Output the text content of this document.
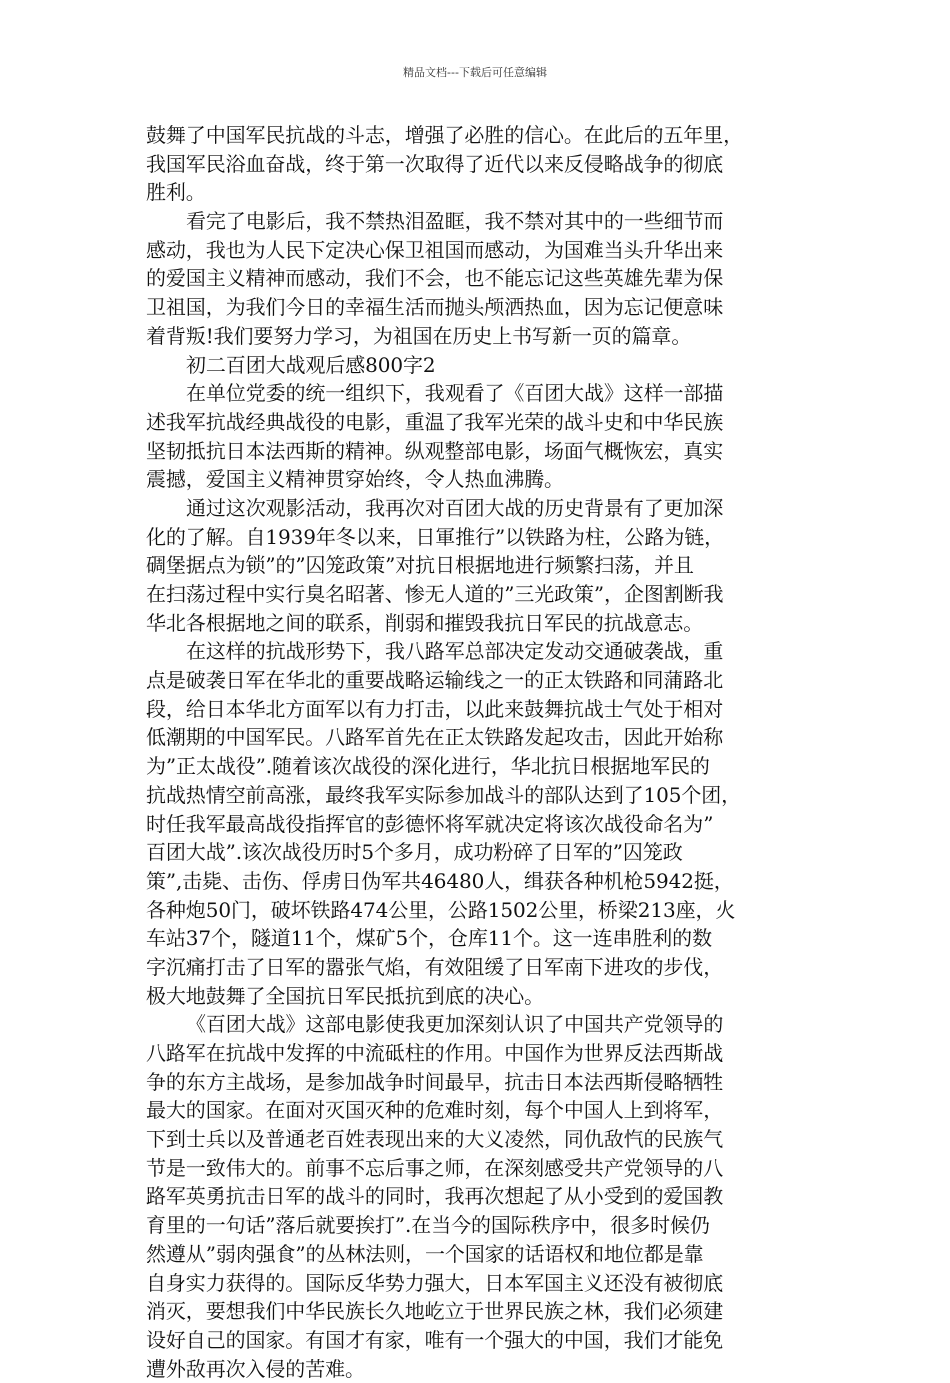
精品文档---下载后可任意编辑
鼓舞了中国军民抗战的斗志，增强了必胜的信心。在此后的五年里，
我国军民浴血奋战，终于第一次取得了近代以来反侵略战争的彻底
胜利。
看完了电影后，我不禁热泪盈眶，我不禁对其中的一些细节而
感动，我也为人民下定决心保卫祖国而感动，为国难当头升华出来
的爱国主义精神而感动，我们不会，也不能忘记这些英雄先辈为保
卫祖国，为我们今日的幸福生活而抛头颅洒热血，因为忘记便意味
着背叛!我们要努力学习，为祖国在历史上书写新一页的篇章。
初二百团大战观后感800字2
在单位党委的统一组织下，我观看了《百团大战》这样一部描
述我军抗战经典战役的电影，重温了我军光荣的战斗史和中华民族
坚韧抵抗日本法西斯的精神。纵观整部电影，场面气概恢宏，真实
震撼，爱国主义精神贯穿始终，令人热血沸腾。
通过这次观影活动，我再次对百团大战的历史背景有了更加深
化的了解。自1939年冬以来，日軍推行”以铁路为柱，公路为链，
碉堡据点为锁”的”囚笼政策”对抗日根据地进行频繁扫荡，并且
在扫荡过程中实行臭名昭著、惨无人道的”三光政策”，企图割断我
华北各根据地之间的联系，削弱和摧毁我抗日军民的抗战意志。
在这样的抗战形势下，我八路军总部决定发动交通破袭战，重
点是破袭日军在华北的重要战略运输线之一的正太铁路和同蒲路北
段，给日本华北方面军以有力打击，以此来鼓舞抗战士气处于相对
低潮期的中国军民。八路军首先在正太铁路发起攻击，因此开始称
为”正太战役”.随着该次战役的深化进行，华北抗日根据地军民的
抗战热情空前高涨，最终我军实际参加战斗的部队达到了105个团，
时任我军最高战役指挥官的彭德怀将军就决定将该次战役命名为”
百团大战”.该次战役历时5个多月，成功粉碎了日军的”囚笼政
策”,击毙、击伤、俘虏日伪军共46480人，缉获各种机枪5942挺，
各种炮50门，破坏铁路474公里，公路1502公里，桥梁213座，火
车站37个，隧道11个，煤矿5个，仓库11个。这一连串胜利的数
字沉痛打击了日军的嚣张气焰，有效阻缓了日军南下进攻的步伐，
极大地鼓舞了全国抗日军民抵抗到底的决心。
《百团大战》这部电影使我更加深刻认识了中国共产党领导的
八路军在抗战中发挥的中流砥柱的作用。中国作为世界反法西斯战
争的东方主战场，是参加战争时间最早，抗击日本法西斯侵略牺牲
最大的国家。在面对灭国灭种的危难时刻，每个中国人上到将军，
下到士兵以及普通老百姓表现出来的大义凌然，同仇敌忾的民族气
节是一致伟大的。前事不忘后事之师，在深刻感受共产党领导的八
路军英勇抗击日军的战斗的同时，我再次想起了从小受到的爱国教
育里的一句话”落后就要挨打”.在当今的国际秩序中，很多时候仍
然遵从”弱肉强食”的丛林法则，一个国家的话语权和地位都是靠
自身实力获得的。国际反华势力强大，日本军国主义还没有被彻底
消灭，要想我们中华民族长久地屹立于世界民族之林，我们必须建
设好自己的国家。有国才有家，唯有一个强大的中国，我们才能免
遭外敌再次入侵的苦难。
